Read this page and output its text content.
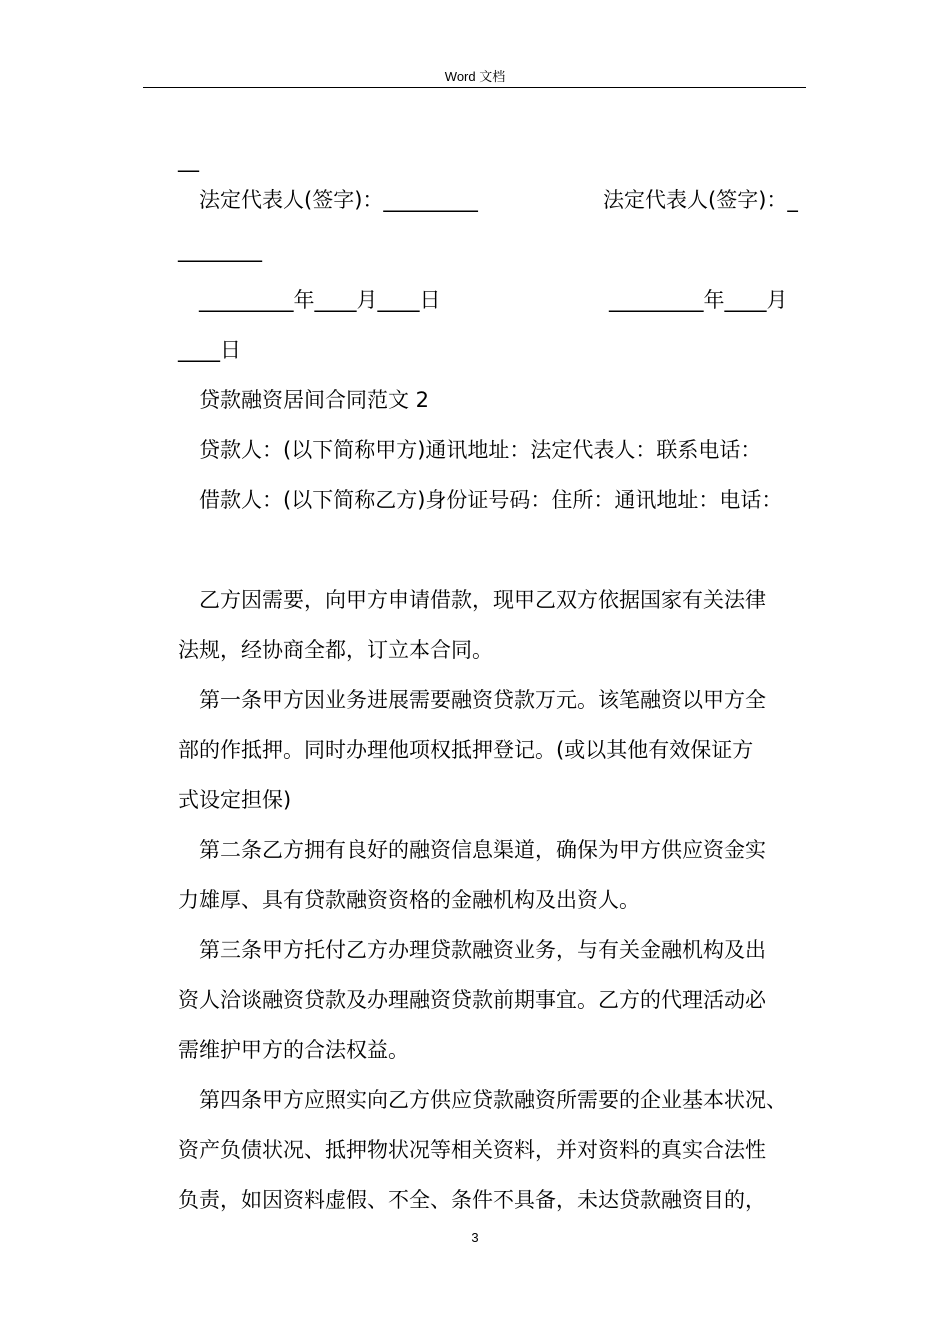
Word 文档
__
法定代表人(签字)：_________	法定代表人(签字)：_
________
_________年____月____日	_________年____月
____日
贷款融资居间合同范文 2
贷款人：(以下简称甲方)通讯地址：法定代表人：联系电话：
借款人：(以下简称乙方)身份证号码：住所：通讯地址：电话：
乙方因需要，向甲方申请借款，现甲乙双方依据国家有关法律
法规，经协商全都，订立本合同。
第一条甲方因业务进展需要融资贷款万元。该笔融资以甲方全
部的作抵押。同时办理他项权抵押登记。(或以其他有效保证方
式设定担保)
第二条乙方拥有良好的融资信息渠道，确保为甲方供应资金实
力雄厚、具有贷款融资资格的金融机构及出资人。
第三条甲方托付乙方办理贷款融资业务，与有关金融机构及出
资人洽谈融资贷款及办理融资贷款前期事宜。乙方的代理活动必
需维护甲方的合法权益。
第四条甲方应照实向乙方供应贷款融资所需要的企业基本状况、
资产负债状况、抵押物状况等相关资料，并对资料的真实合法性
负责，如因资料虚假、不全、条件不具备，未达贷款融资目的，
3
